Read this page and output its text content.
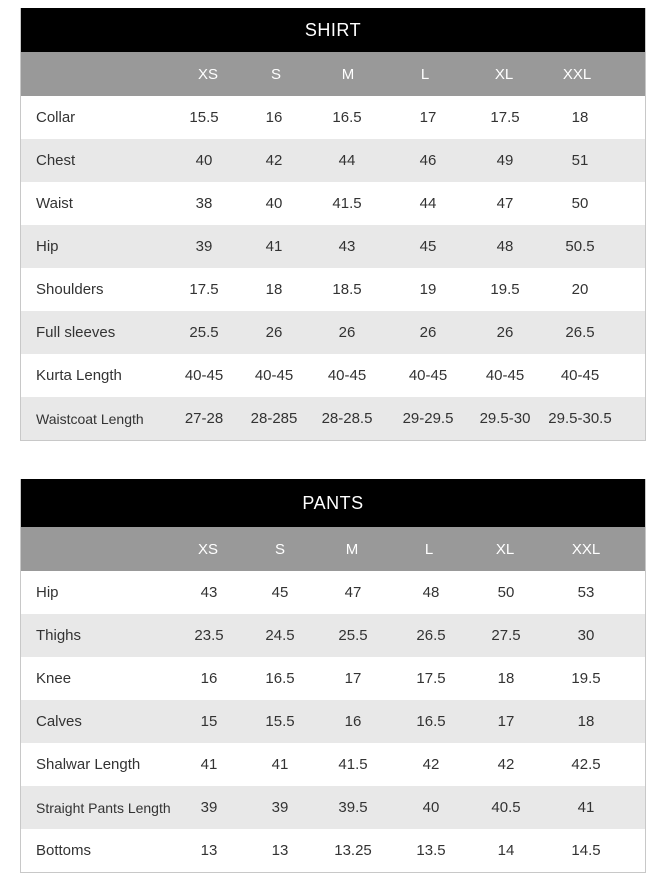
SHIRT
XS	S	M	L	XL	XXL
Collar	15.5	16	16.5	17	17.5	18
Chest	40	42	44	46	49	51
Waist	38	40	41.5	44	47	50
Hip	39	41	43	45	48	50.5
Shoulders	17.5	18	18.5	19	19.5	20
Full sleeves	25.5	26	26	26	26	26.5
Kurta Length	40-45 40-45 40-45	40-45	40-45 40-45
Waistcoat Length	27-28 28-285 28-28.5 29-29.5 29.5-30 29.5-30.5
PANTS
XS	S	M	L	XL	XXL
Hip	43	45	47	48	50	53
Thighs	23.5	24.5	25.5	26.5	27.5	30
Knee	16	16.5	17	17.5	18	19.5
Calves	15	15.5	16	16.5	17	18
Shalwar Length	41	41	41.5	42	42	42.5
Straight Pants Length 39	39	39.5	40	40.5	41
Bottoms	13	13	13.25	13.5	14	14.5
